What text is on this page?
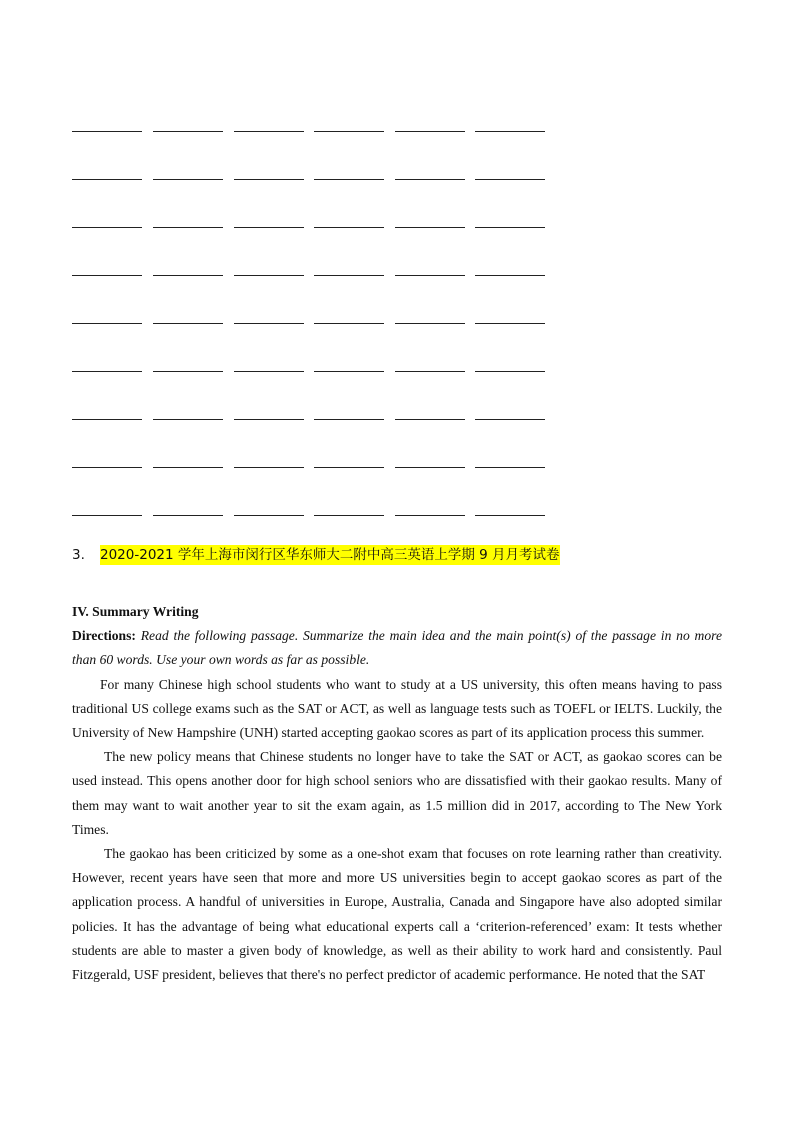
3. 2020-2021 学年上海市闵行区华东师大二附中高三英语上学期 9 月月考试卷

IV. Summary Writing

Directions: Read the following passage. Summarize the main idea and the main point(s) of the passage in no more than 60 words. Use your own words as far as possible.

For many Chinese high school students who want to study at a US university, this often means having to pass traditional US college exams such as the SAT or ACT, as well as language tests such as TOEFL or IELTS. Luckily, the University of New Hampshire (UNH) started accepting gaokao scores as part of its application process this summer.

The new policy means that Chinese students no longer have to take the SAT or ACT, as gaokao scores can be used instead. This opens another door for high school seniors who are dissatisfied with their gaokao results. Many of them may want to wait another year to sit the exam again, as 1.5 million did in 2017, according to The New York Times.

The gaokao has been criticized by some as a one-shot exam that focuses on rote learning rather than creativity. However, recent years have seen that more and more US universities begin to accept gaokao scores as part of the application process. A handful of universities in Europe, Australia, Canada and Singapore have also adopted similar policies. It has the advantage of being what educational experts call a ‘criterion-referenced’ exam: It tests whether students are able to master a given body of knowledge, as well as their ability to work hard and consistently. Paul Fitzgerald, USF president, believes that there's no perfect predictor of academic performance. He noted that the SAT
